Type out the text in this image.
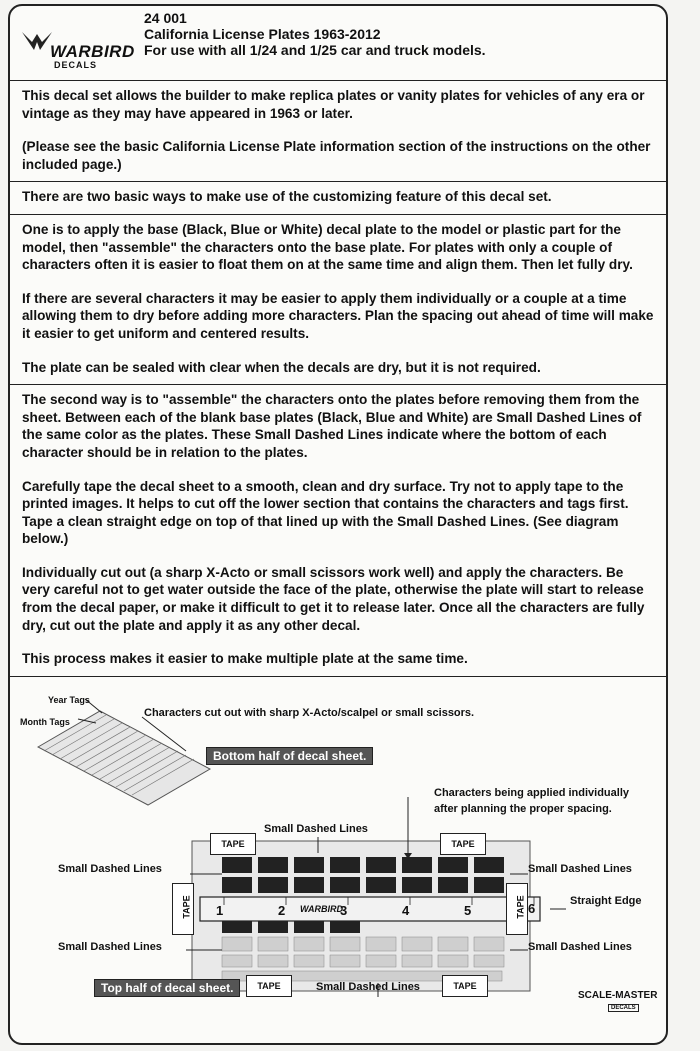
WARBIRD
DECALS
24 001
California License Plates 1963-2012
For use with all 1/24 and 1/25 car and truck models.

This decal set allows the builder to make replica plates or vanity plates for vehicles of any era or vintage as they may have appeared in 1963 or later.

(Please see the basic California License Plate information section of the instructions on the other included page.)

There are two basic ways to make use of the customizing feature of this decal set.

One is to apply the base (Black, Blue or White) decal plate to the model or plastic part for the model, then "assemble" the characters onto the base plate. For plates with only a couple of characters often it is easier to float them on at the same time and align them. Then let fully dry.

If there are several characters it may be easier to apply them individually or a couple at a time allowing them to dry before adding more characters. Plan the spacing out ahead of time will make it easier to get uniform and centered results.

The plate can be sealed with clear when the decals are dry, but it is not required.

The second way is to "assemble" the characters onto the plates before removing them from the sheet. Between each of the blank base plates (Black, Blue and White) are Small Dashed Lines of the same color as the plates. These Small Dashed Lines indicate where the bottom of each character should be in relation to the plates.

Carefully tape the decal sheet to a smooth, clean and dry surface. Try not to apply tape to the printed images. It helps to cut off the lower section that contains the characters and tags first. Tape a clean straight edge on top of that lined up with the Small Dashed Lines. (See diagram below.)

Individually cut out (a sharp X-Acto or small scissors work well) and apply the characters. Be very careful not to get water outside the face of the plate, otherwise the plate will start to release from the decal paper, or make it difficult to get it to release later. Once all the characters are fully dry, cut out the plate and apply it as any other decal.

This process makes it easier to make multiple plate at the same time.

Year Tags
Month Tags
Characters cut out with sharp X-Acto/scalpel or small scissors.
Bottom half of decal sheet.
Characters being applied individually
after planning the proper spacing.
Small Dashed Lines
TAPE	TAPE
Small Dashed Lines	Small Dashed Lines
TAPE	TAPE
1	2	3	4	5	6
WARBIRD
Straight Edge
Small Dashed Lines	Small Dashed Lines
Top half of decal sheet.	TAPE	Small Dashed Lines	TAPE
SCALE-MASTER
DECALS
